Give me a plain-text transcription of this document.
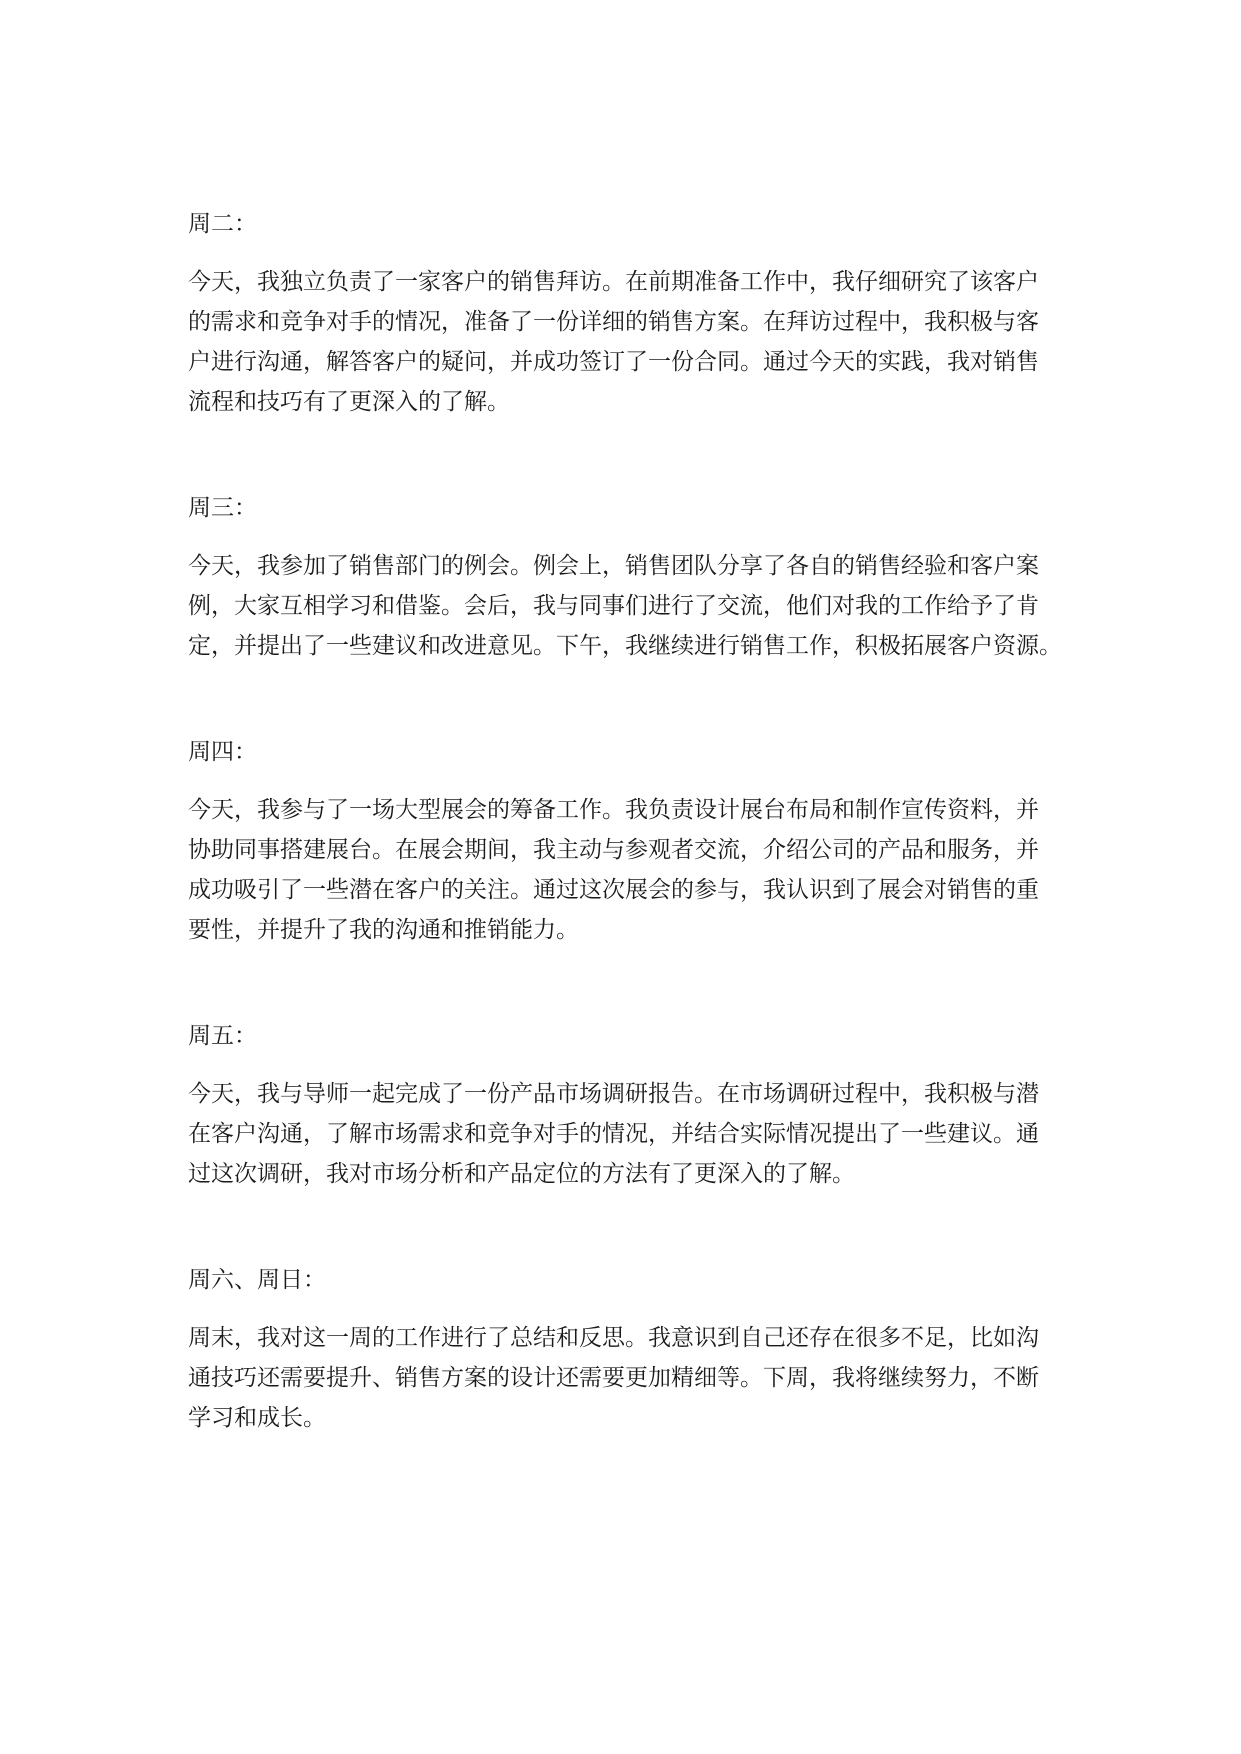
周二：
今天，我独立负责了一家客户的销售拜访。在前期准备工作中，我仔细研究了该客户
的需求和竞争对手的情况，准备了一份详细的销售方案。在拜访过程中，我积极与客
户进行沟通，解答客户的疑问，并成功签订了一份合同。通过今天的实践，我对销售
流程和技巧有了更深入的了解。
周三：
今天，我参加了销售部门的例会。例会上，销售团队分享了各自的销售经验和客户案
例，大家互相学习和借鉴。会后，我与同事们进行了交流，他们对我的工作给予了肯
定，并提出了一些建议和改进意见。下午，我继续进行销售工作，积极拓展客户资源。
周四：
今天，我参与了一场大型展会的筹备工作。我负责设计展台布局和制作宣传资料，并
协助同事搭建展台。在展会期间，我主动与参观者交流，介绍公司的产品和服务，并
成功吸引了一些潜在客户的关注。通过这次展会的参与，我认识到了展会对销售的重
要性，并提升了我的沟通和推销能力。
周五：
今天，我与导师一起完成了一份产品市场调研报告。在市场调研过程中，我积极与潜
在客户沟通，了解市场需求和竞争对手的情况，并结合实际情况提出了一些建议。通
过这次调研，我对市场分析和产品定位的方法有了更深入的了解。
周六、周日：
周末，我对这一周的工作进行了总结和反思。我意识到自己还存在很多不足，比如沟
通技巧还需要提升、销售方案的设计还需要更加精细等。下周，我将继续努力，不断
学习和成长。
